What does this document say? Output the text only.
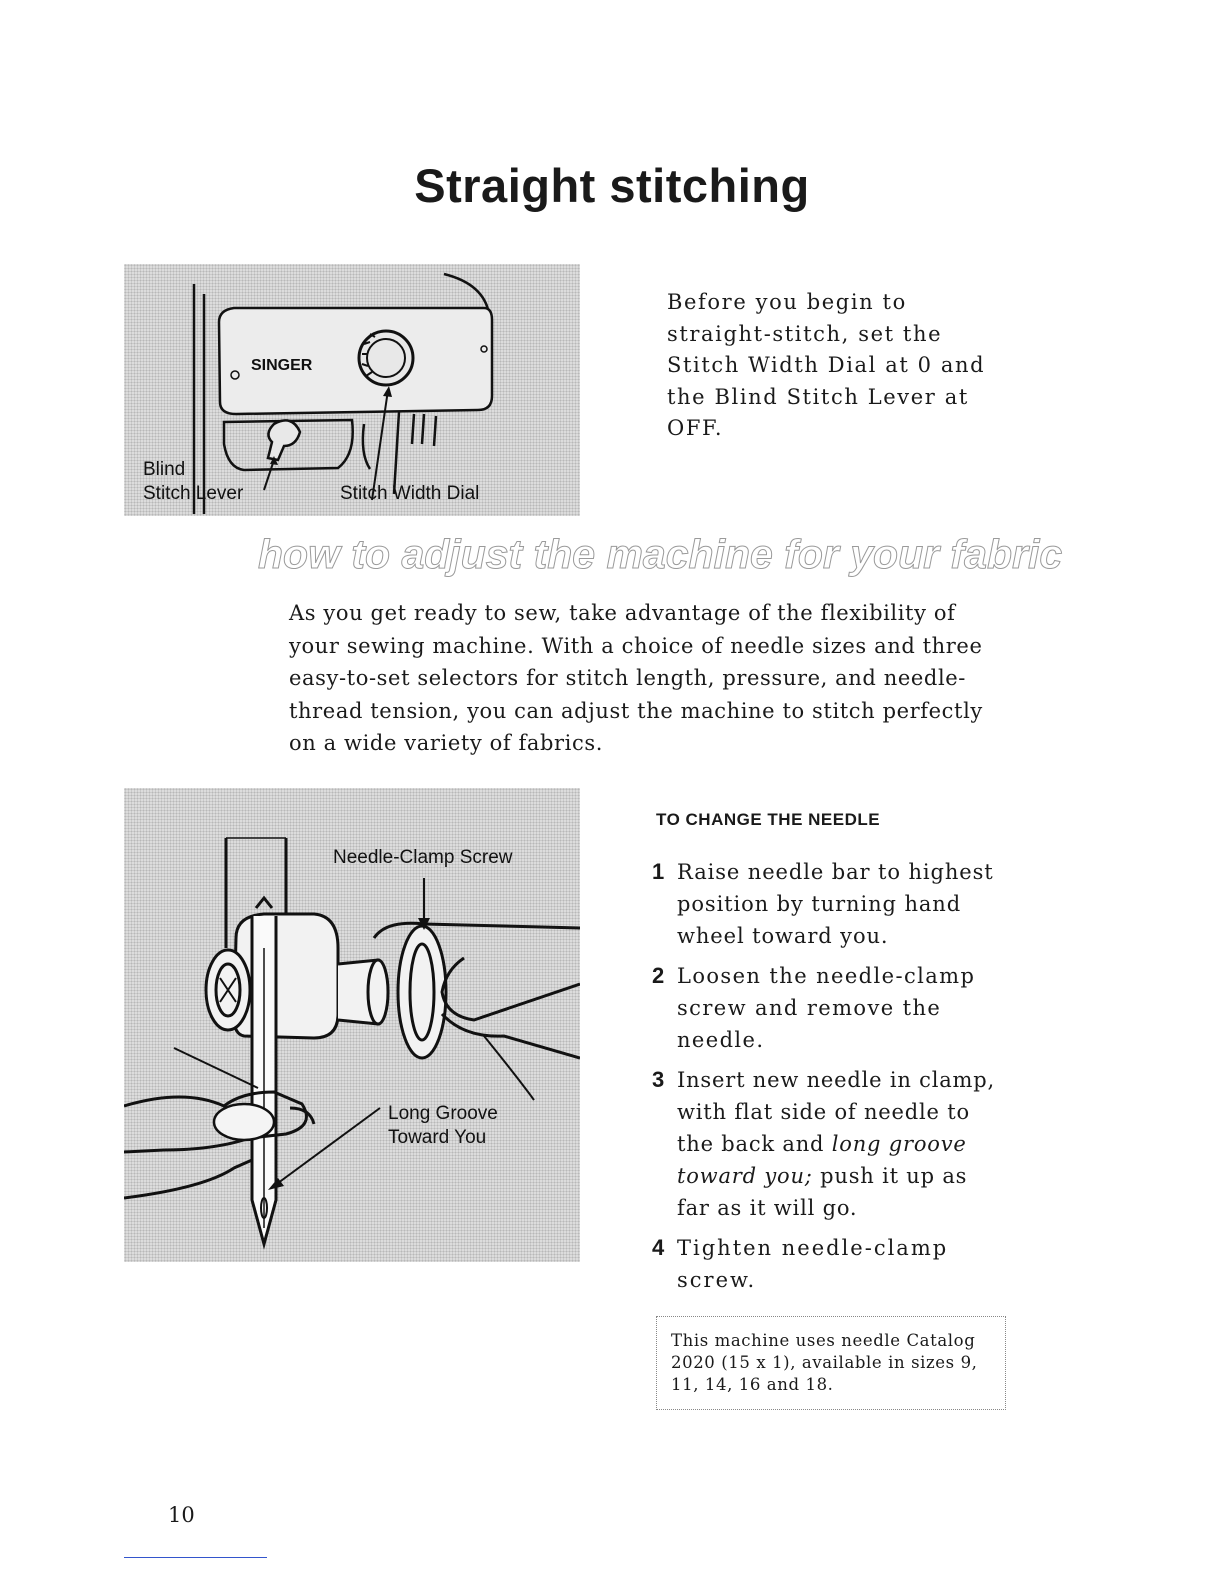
Straight stitching
SINGER
Blind
Stitch Lever	Stitch Width Dial

Before you begin to straight-stitch, set the Stitch Width Dial at 0 and the Blind Stitch Lever at OFF.

how to adjust the machine for your fabric

As you get ready to sew, take advantage of the flexibility of your sewing machine. With a choice of needle sizes and three easy-to-set selectors for stitch length, pressure, and needle-thread tension, you can adjust the machine to stitch perfectly on a wide variety of fabrics.

Needle-Clamp Screw
Long Groove
Toward You
TO CHANGE THE NEEDLE
1 Raise needle bar to highest position by turning hand wheel toward you.
2 Loosen the needle-clamp screw and remove the needle.
3 Insert new needle in clamp, with flat side of needle to the back and long groove toward you; push it up as far as it will go.
4 Tighten needle-clamp screw.
This machine uses needle Catalog 2020 (15 x 1), available in sizes 9, 11, 14, 16 and 18.

10
